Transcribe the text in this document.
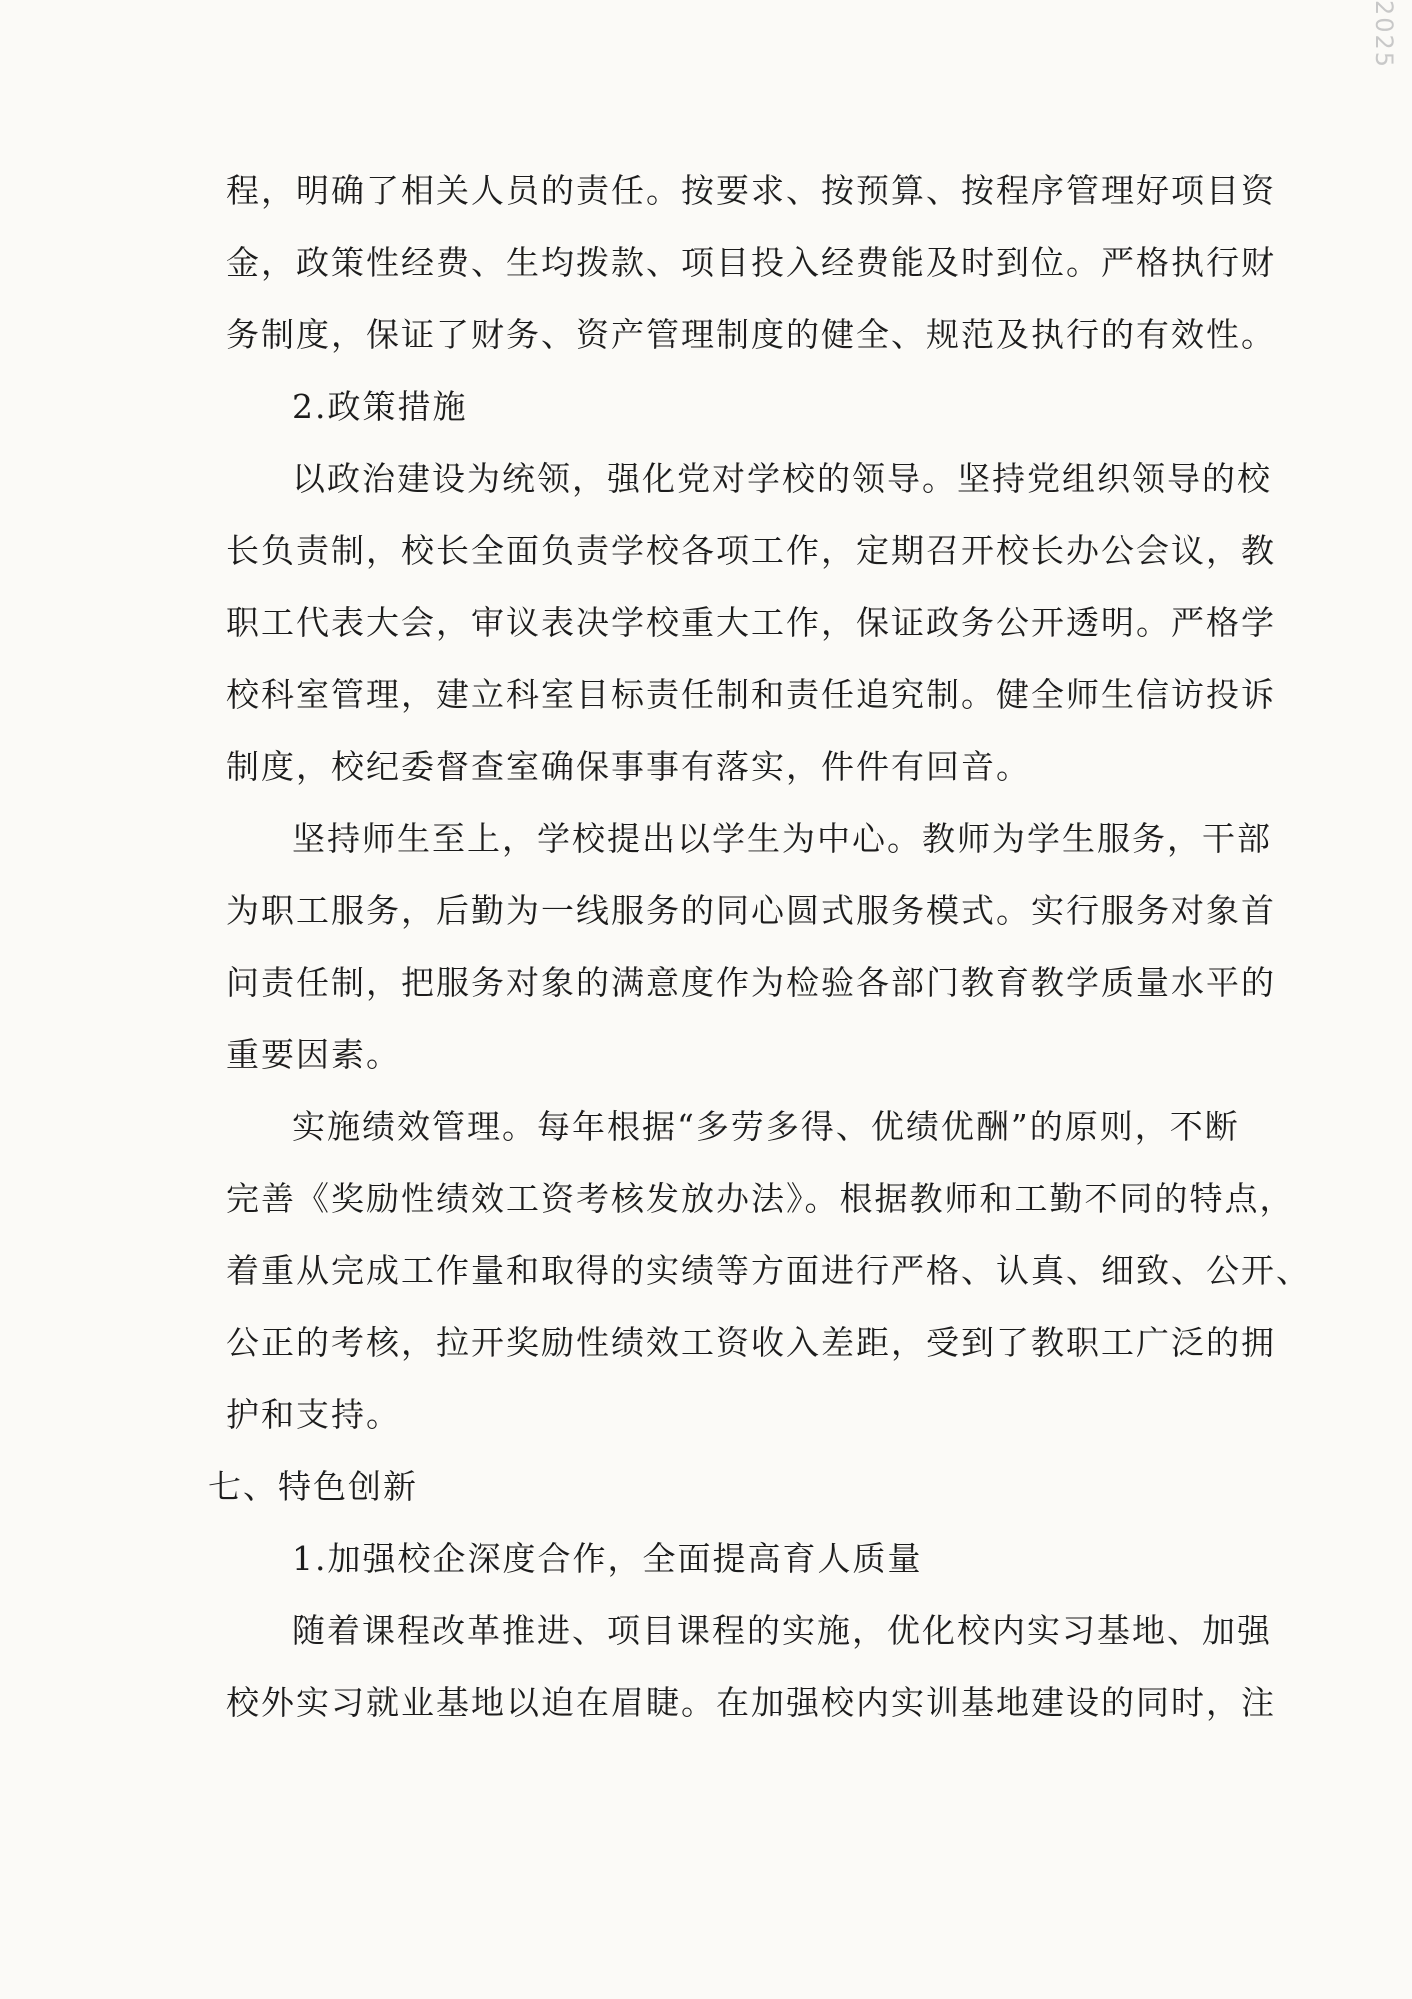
2025
程，明确了相关人员的责任。按要求、按预算、按程序管理好项目资
金，政策性经费、生均拨款、项目投入经费能及时到位。严格执行财
务制度，保证了财务、资产管理制度的健全、规范及执行的有效性。
2.政策措施
以政治建设为统领，强化党对学校的领导。坚持党组织领导的校
长负责制，校长全面负责学校各项工作，定期召开校长办公会议，教
职工代表大会，审议表决学校重大工作，保证政务公开透明。严格学
校科室管理，建立科室目标责任制和责任追究制。健全师生信访投诉
制度，校纪委督查室确保事事有落实，件件有回音。
坚持师生至上，学校提出以学生为中心。教师为学生服务，干部
为职工服务，后勤为一线服务的同心圆式服务模式。实行服务对象首
问责任制，把服务对象的满意度作为检验各部门教育教学质量水平的
重要因素。
实施绩效管理。每年根据“多劳多得、优绩优酬”的原则，不断
完善《奖励性绩效工资考核发放办法》。根据教师和工勤不同的特点，
着重从完成工作量和取得的实绩等方面进行严格、认真、细致、公开、
公正的考核，拉开奖励性绩效工资收入差距，受到了教职工广泛的拥
护和支持。
七、特色创新
1.加强校企深度合作，全面提高育人质量
随着课程改革推进、项目课程的实施，优化校内实习基地、加强
校外实习就业基地以迫在眉睫。在加强校内实训基地建设的同时，注
